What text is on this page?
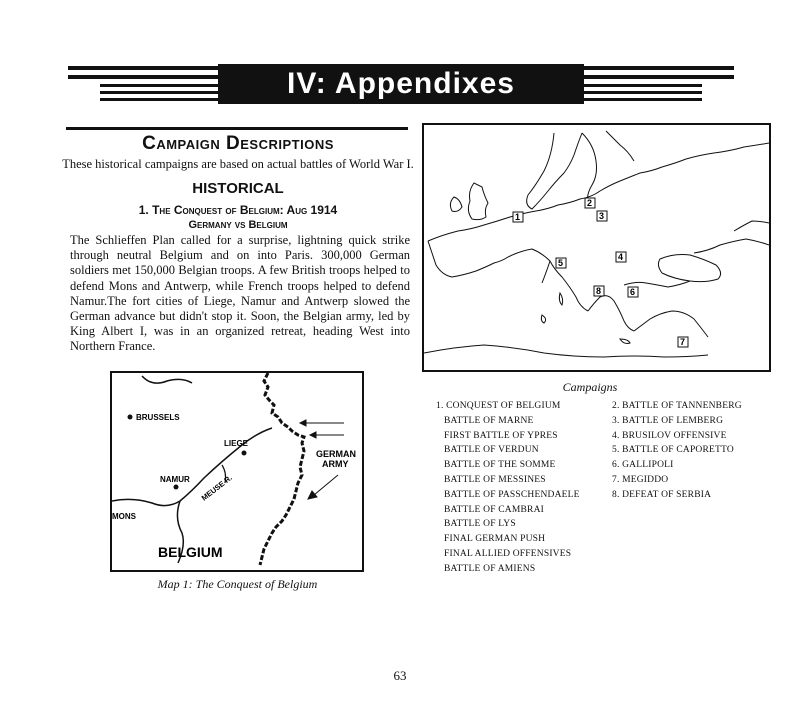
IV: Appendixes
Campaign Descriptions
These historical campaigns are based on actual battles of World War I.
HISTORICAL
1. The Conquest of Belgium: Aug 1914
Germany vs Belgium
The Schlieffen Plan called for a surprise, lightning quick strike through neutral Belgium and on into Paris. 300,000 German soldiers met 150,000 Belgian troops. A few British troops helped to defend Mons and Antwerp, while French troops helped to defend Namur.The fort cities of Liege, Namur and Antwerp slowed the German advance but didn't stop it. Soon, the Belgian army, led by King Albert I, was in an organized retreat, heading West into Northern France.
BRUSSELS
LIEGE
NAMUR MEUSE R.
MONS
GERMAN
ARMY
BELGIUM
Map 1: The Conquest of Belgium
1
2
3
4
5
6
7
8
Campaigns
1. CONQUEST OF BELGIUM
BATTLE OF MARNE
FIRST BATTLE OF YPRES
BATTLE OF VERDUN
BATTLE OF THE SOMME
BATTLE OF MESSINES
BATTLE OF PASSCHENDAELE
BATTLE OF CAMBRAI
BATTLE OF LYS
FINAL GERMAN PUSH
FINAL ALLIED OFFENSIVES
BATTLE OF AMIENS
2. BATTLE OF TANNENBERG
3. BATTLE OF LEMBERG
4. BRUSILOV OFFENSIVE
5. BATTLE OF CAPORETTO
6. GALLIPOLI
7. MEGIDDO
8. DEFEAT OF SERBIA
63
